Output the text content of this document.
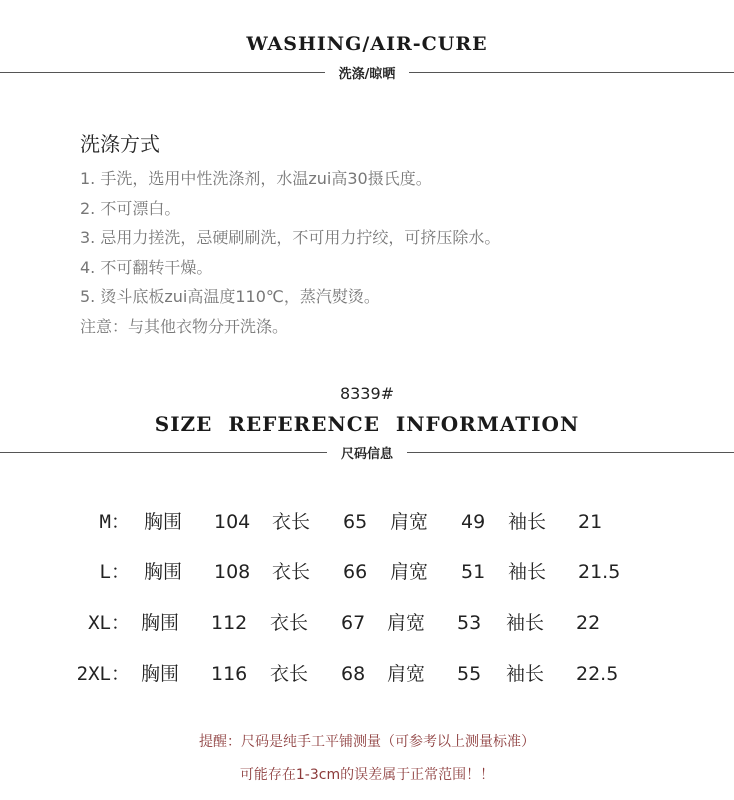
WASHING/AIR-CURE
洗涤/晾晒
洗涤方式
1. 手洗，选用中性洗涤剂，水温zui高30摄氏度。
2. 不可漂白。
3. 忌用力搓洗，忌硬刷刷洗，不可用力拧绞，可挤压除水。
4. 不可翻转干燥。
5. 烫斗底板zui高温度110℃，蒸汽熨烫。
注意：与其他衣物分开洗涤。
8339#
SIZE  REFERENCE  INFORMATION
尺码信息
M： 胸围 104 衣长 65 肩宽 49 袖长 21
L： 胸围 108 衣长 66 肩宽 51 袖长 21.5
XL： 胸围 112 衣长 67 肩宽 53 袖长 22
2XL： 胸围 116 衣长 68 肩宽 55 袖长 22.5
提醒：尺码是纯手工平铺测量（可参考以上测量标准）
可能存在1-3cm的误差属于正常范围！！
